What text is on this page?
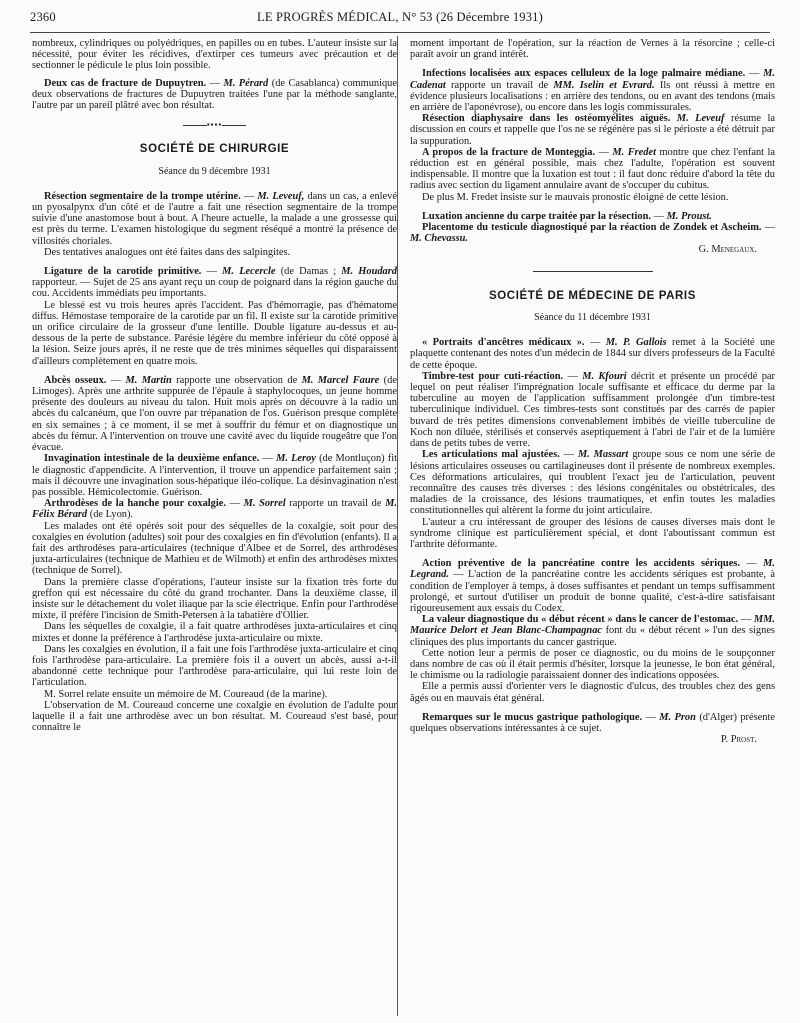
2360	LE PROGRÈS MÉDICAL, N° 53 (26 Décembre 1931)

nombreux, cylindriques ou polyédriques, en papilles ou en tubes. L'auteur insiste sur la nécessité, pour éviter les récidives, d'extirper ces tumeurs avec précaution et de sectionner le pédicule le plus loin possible.

Deux cas de fracture de Dupuytren. — M. Pérard (de Casablanca) communique deux observations de fractures de Dupuytren traitées l'une par la méthode sanglante, l'autre par un pareil plâtré avec bon résultat.

▪▪▪▪
SOCIÉTÉ DE CHIRURGIE
Séance du 9 décembre 1931

Résection segmentaire de la trompe utérine. — M. Leveuf, dans un cas, a enlevé un pyosalpynx d'un côté et de l'autre a fait une résection segmentaire de la trompe suivie d'une anastomose bout à bout. A l'heure actuelle, la malade a une grossesse qui est près du terme. L'examen histologique du segment réséqué a montré la présence de villosités choriales.

Des tentatives analogues ont été faites dans des salpingites.

Ligature de la carotide primitive. — M. Lecercle (de Damas ; M. Houdard rapporteur. — Sujet de 25 ans ayant reçu un coup de poignard dans la région gauche du cou. Accidents immédiats peu importants.

Le blessé est vu trois heures après l'accident. Pas d'hémorragie, pas d'hématome diffus. Hémostase temporaire de la carotide par un fil. Il existe sur la carotide primitive un orifice circulaire de la grosseur d'une lentille. Double ligature au-dessus et au-dessous de la perte de substance. Parésie légère du membre inférieur du côté opposé à la lésion. Seize jours après, il ne reste que de très minimes séquelles qui disparaissent d'ailleurs complètement en quatre mois.

Abcès osseux. — M. Martin rapporte une observation de M. Marcel Faure (de Limoges). Après une arthrite suppurée de l'épaule à staphylocoques, un jeune homme présente des douleurs au niveau du talon. Huit mois après on découvre à la radio un abcès du calcanéum, que l'on ouvre par trépanation de l'os. Guérison presque complète en six semaines ; à ce moment, il se met à souffrir du fémur et on diagnostique un abcès du fémur. A l'intervention on trouve une cavité avec du liquide rougeâtre que l'on évacue.

Invagination intestinale de la deuxième enfance. — M. Leroy (de Montluçon) fit le diagnostic d'appendicite. A l'intervention, il trouve un appendice parfaitement sain ; mais il découvre une invagination sous-hépatique iléo-colique. La désinvagination n'est pas possible. Hémicolectomie. Guérison.

Arthrodèses de la hanche pour coxalgie. — M. Sorrel rapporte un travail de M. Félix Bérard (de Lyon).

Les malades ont été opérés soit pour des séquelles de la coxalgie, soit pour des coxalgies en évolution (adultes) soit pour des coxalgies en fin d'évolution (enfants). Il a fait des arthrodèses para-articulaires (technique d'Albee et de Sorrel, des arthrodèses juxta-articulaires (technique de Mathieu et de Wilmoth) et enfin des arthrodèses mixtes (technique de Sorrel).

Dans la première classe d'opérations, l'auteur insiste sur la fixation très forte du greffon qui est nécessaire du côté du grand trochanter. Dans la deuxième classe, il insiste sur le détachement du volet iliaque par la scie électrique. Enfin pour l'arthrodèse mixte, il préfère l'incision de Smith-Petersen à la tabatière d'Ollier.

Dans les séquelles de coxalgie, il a fait quatre arthrodèses juxta-articulaires et cinq mixtes et donne la préférence à l'arthrodèse juxta-articulaire ou mixte.

Dans les coxalgies en évolution, il a fait une fois l'arthrodèse juxta-articulaire et cinq fois l'arthrodèse para-articulaire. La première fois il a ouvert un abcès, aussi a-t-il abandonné cette technique pour l'arthrodèse para-articulaire, qui lui reste loin de l'articulation.

M. Sorrel relate ensuite un mémoire de M. Coureaud (de la marine).

L'observation de M. Coureaud concerne une coxalgie en évolution de l'adulte pour laquelle il a fait une arthrodèse avec un bon résultat. M. Coureaud s'est basé, pour connaître le

moment important de l'opération, sur la réaction de Vernes à la résorcine ; celle-ci paraît avoir un grand intérêt.

Infections localisées aux espaces celluleux de la loge palmaire médiane. — M. Cadenat rapporte un travail de MM. Iselin et Evrard. Ils ont réussi à mettre en évidence plusieurs localisations : en arrière des tendons, ou en avant des tendons (mais en arrière de l'aponévrose), ou encore dans les logis commissurales.

Résection diaphysaire dans les ostéomyélites aiguës. M. Leveuf résume la discussion en cours et rappelle que l'os ne se régénère pas si le périoste a été détruit par la suppuration.

A propos de la fracture de Monteggia. — M. Fredet montre que chez l'enfant la réduction est en général possible, mais chez l'adulte, l'opération est souvent indispensable. Il montre que la luxation est tout : il faut donc réduire d'abord la tête du radius avec section du ligament annulaire avant de s'occuper du cubitus.

De plus M. Fredet insiste sur le mauvais pronostic éloigné de cette lésion.

Luxation ancienne du carpe traitée par la résection. — M. Proust.

Placentome du testicule diagnostiqué par la réaction de Zondek et Ascheim. — M. Chevassu.

G. Menegaux.

SOCIÉTÉ DE MÉDECINE DE PARIS
Séance du 11 décembre 1931

« Portraits d'ancêtres médicaux ». — M. P. Gallois remet à la Société une plaquette contenant des notes d'un médecin de 1844 sur divers professeurs de la Faculté de cette époque.

Timbre-test pour cuti-réaction. — M. Kfouri décrit et présente un procédé par lequel on peut réaliser l'imprégnation locale suffisante et efficace du derme par la tuberculine au moyen de l'application suffisamment prolongée d'un timbre-test tuberculinique individuel. Ces timbres-tests sont constitués par des carrés de papier buvard de très petites dimensions convenablement imbibés de vieille tuberculine de Koch non diluée, stérilisés et conservés aseptiquement à l'abri de l'air et de la lumière dans de petits tubes de verre.

Les articulations mal ajustées. — M. Massart groupe sous ce nom une série de lésions articulaires osseuses ou cartilagineuses dont il présente de nombreux exemples. Ces déformations articulaires, qui troublent l'exact jeu de l'articulation, peuvent reconnaître des causes très diverses : des lésions congénitales ou obstétricales, des maladies de la croissance, des lésions traumatiques, et enfin toutes les maladies constitutionnelles qui altèrent la forme du joint articulaire.

L'auteur a cru intéressant de grouper des lésions de causes diverses mais dont le syndrome clinique est particulièrement spécial, et dont l'aboutissant commun est l'arthrite déformante.

Action préventive de la pancréatine contre les accidents sériques. — M. Legrand. — L'action de la pancréatine contre les accidents sériques est probante, à condition de l'employer à temps, à doses suffisantes et pendant un temps suffisamment prolongé, et surtout d'utiliser un produit de bonne qualité, c'est-à-dire satisfaisant rigoureusement aux essais du Codex.

La valeur diagnostique du « début récent » dans le cancer de l'estomac. — MM. Maurice Delort et Jean Blanc-Champagnac font du « début récent » l'un des signes cliniques des plus importants du cancer gastrique.

Cette notion leur a permis de poser ce diagnostic, ou du moins de le soupçonner dans nombre de cas où il était permis d'hésiter, lorsque la jeunesse, le bon état général, le chimisme ou la radiologie paraissaient donner des indications opposées.

Elle a permis aussi d'orienter vers le diagnostic d'ulcus, des troubles chez des gens âgés ou en mauvais état général.

Remarques sur le mucus gastrique pathologique. — M. Pron (d'Alger) présente quelques observations intéressantes à ce sujet.

P. Prost.
